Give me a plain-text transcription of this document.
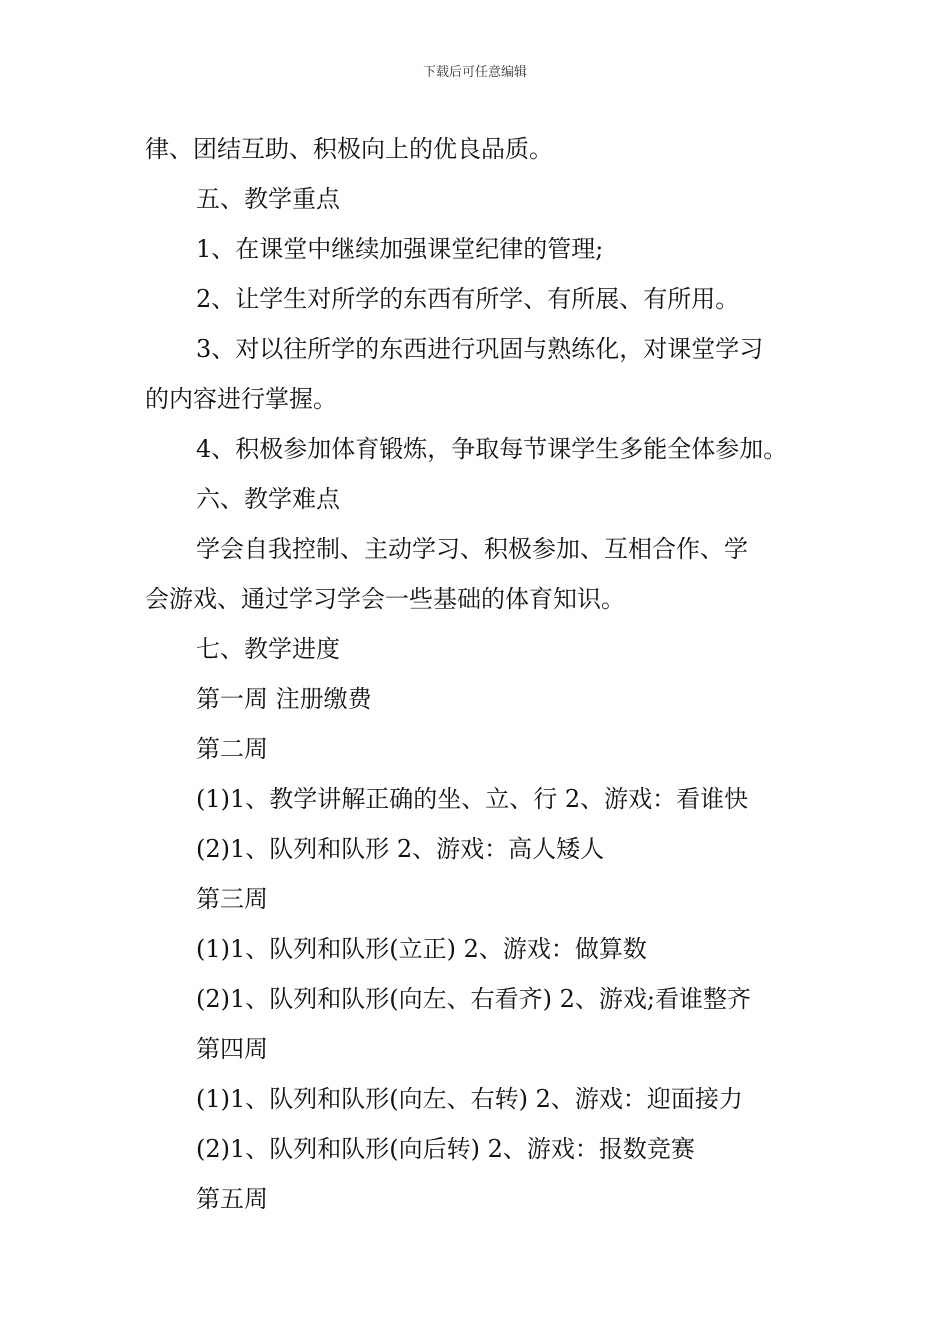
下载后可任意编辑
律、团结互助、积极向上的优良品质。
五、教学重点
1、在课堂中继续加强课堂纪律的管理;
2、让学生对所学的东西有所学、有所展、有所用。
3、对以往所学的东西进行巩固与熟练化，对课堂学习
的内容进行掌握。
4、积极参加体育锻炼，争取每节课学生多能全体参加。
六、教学难点
学会自我控制、主动学习、积极参加、互相合作、学
会游戏、通过学习学会一些基础的体育知识。
七、教学进度
第一周 注册缴费
第二周
(1)1、教学讲解正确的坐、立、行 2、游戏：看谁快
(2)1、队列和队形 2、游戏：高人矮人
第三周
(1)1、队列和队形(立正) 2、游戏：做算数
(2)1、队列和队形(向左、右看齐) 2、游戏;看谁整齐
第四周
(1)1、队列和队形(向左、右转) 2、游戏：迎面接力
(2)1、队列和队形(向后转) 2、游戏：报数竞赛
第五周
